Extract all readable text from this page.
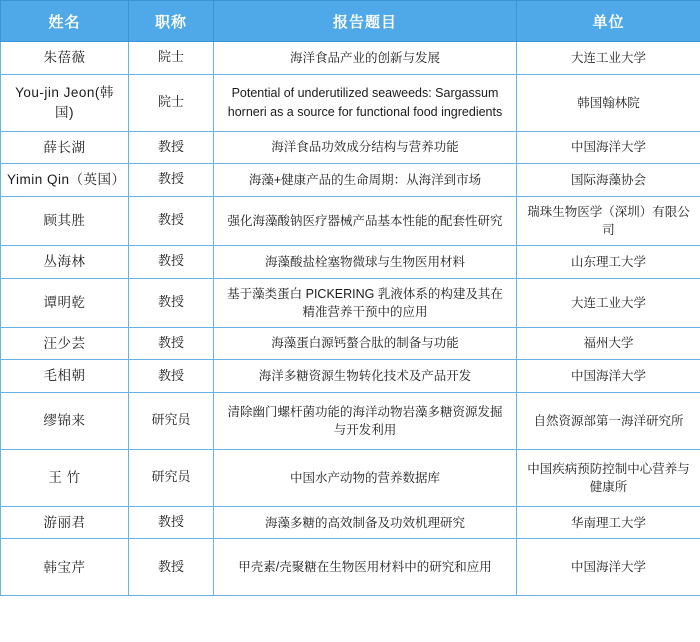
姓名	职称	报告题目	单位
朱蓓薇	院士	海洋食品产业的创新与发展	大连工业大学
You-jin Jeon(韩国)	院士	Potential of underutilized seaweeds: Sargassum horneri as a source for functional food ingredients	韩国翰林院
薛长湖	教授	海洋食品功效成分结构与营养功能	中国海洋大学
Yimin Qin（英国）	教授	海藻+健康产品的生命周期：从海洋到市场	国际海藻协会
顾其胜	教授	强化海藻酸钠医疗器械产品基本性能的配套性研究	瑞珠生物医学（深圳）有限公司
丛海林	教授	海藻酸盐栓塞物微球与生物医用材料	山东理工大学
谭明乾	教授	基于藻类蛋白 PICKERING 乳液体系的构建及其在精准营养干预中的应用	大连工业大学
汪少芸	教授	海藻蛋白源钙螯合肽的制备与功能	福州大学
毛相朝	教授	海洋多糖资源生物转化技术及产品开发	中国海洋大学
缪锦来	研究员	清除幽门螺杆菌功能的海洋动物岩藻多糖资源发掘与开发利用	自然资源部第一海洋研究所
王 竹	研究员	中国水产动物的营养数据库	中国疾病预防控制中心营养与健康所
游丽君	教授	海藻多糖的高效制备及功效机理研究	华南理工大学
韩宝芹	教授	甲壳素/壳聚糖在生物医用材料中的研究和应用	中国海洋大学
